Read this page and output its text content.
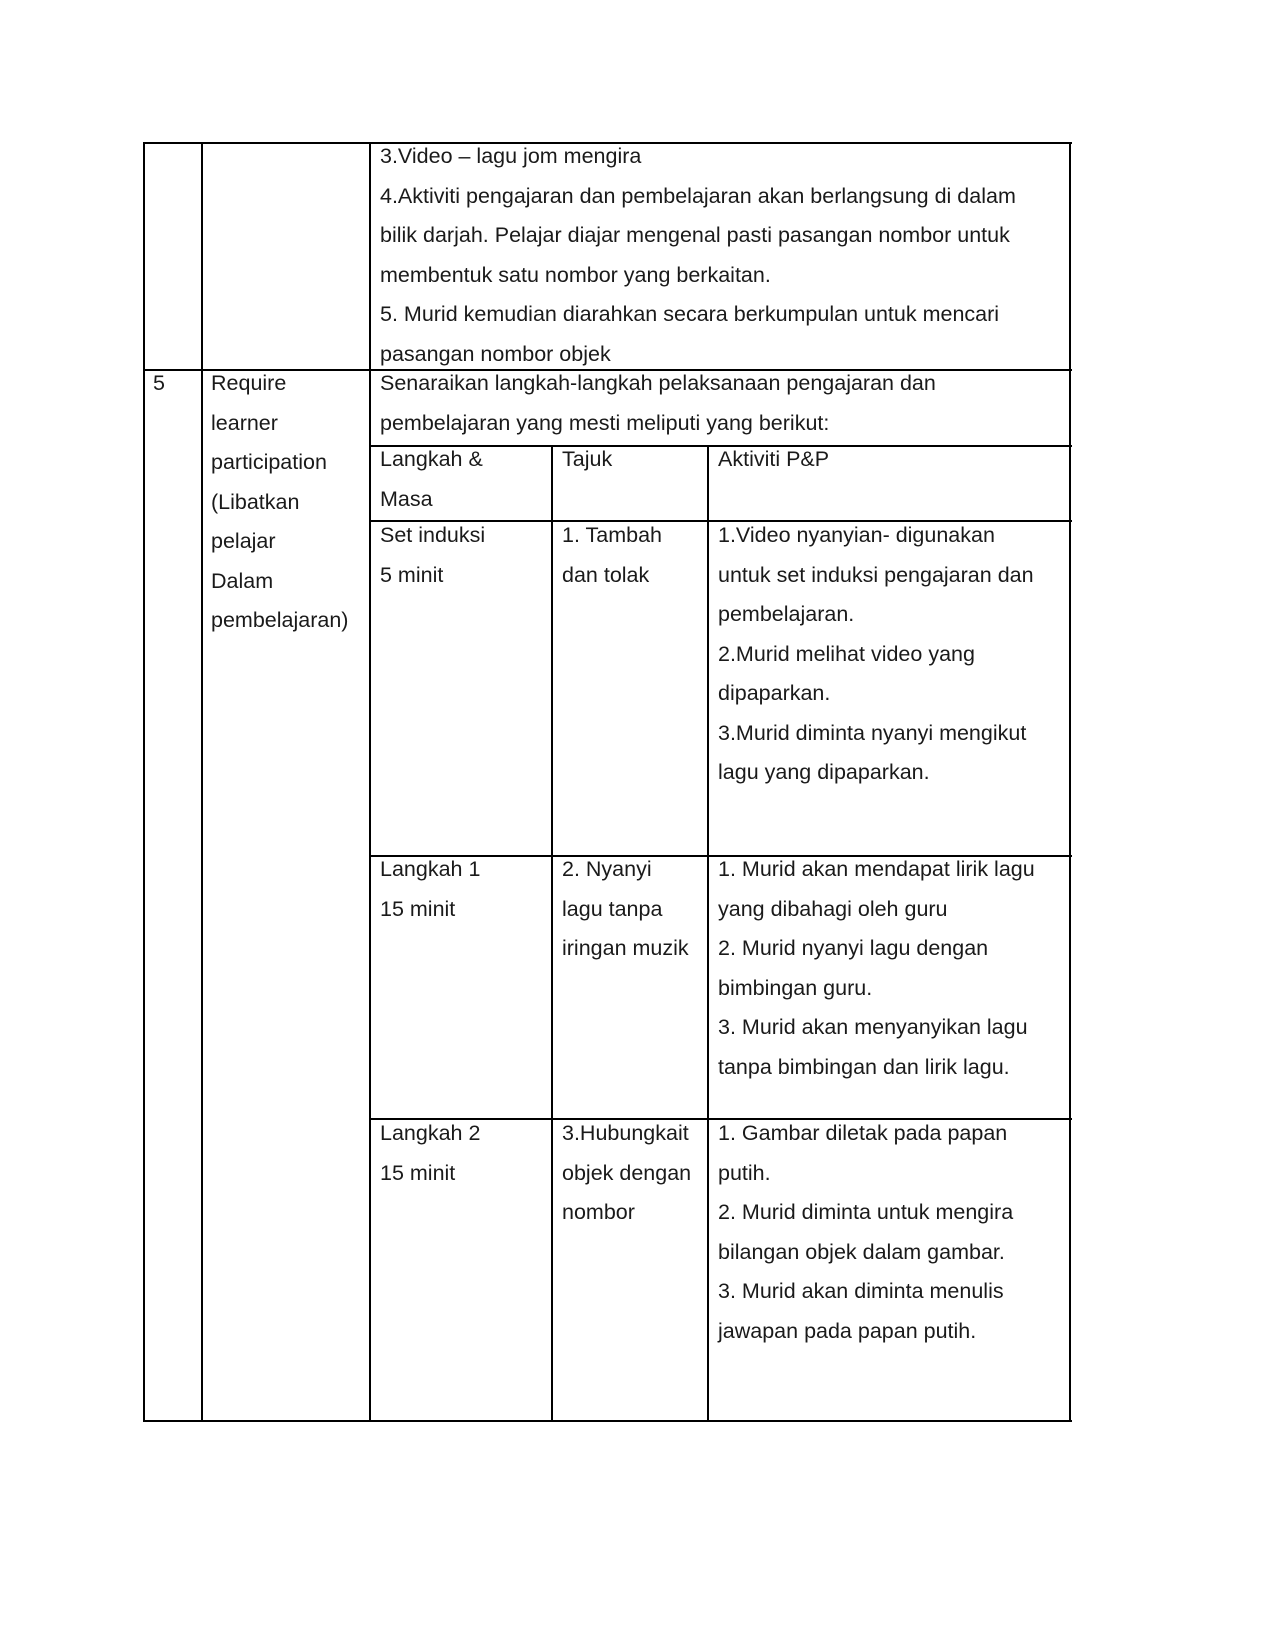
3.Video – lagu jom mengira
4.Aktiviti pengajaran dan pembelajaran akan berlangsung di dalam
bilik darjah. Pelajar diajar mengenal pasti pasangan nombor untuk
membentuk satu nombor yang berkaitan.
5. Murid kemudian diarahkan secara berkumpulan untuk mencari
pasangan nombor objek
5 Require
learner
participation
(Libatkan
pelajar
Dalam
pembelajaran)
Senaraikan langkah-langkah pelaksanaan pengajaran dan
pembelajaran yang mesti meliputi yang berikut:
Langkah &
Masa
Tajuk	Aktiviti P&P
Set induksi
5 minit
1. Tambah
dan tolak
1.Video nyanyian- digunakan
untuk set induksi pengajaran dan
pembelajaran.
2.Murid melihat video yang
dipaparkan.
3.Murid diminta nyanyi mengikut
lagu yang dipaparkan.
Langkah 1
15 minit
2. Nyanyi
lagu tanpa
iringan muzik
1. Murid akan mendapat lirik lagu
yang dibahagi oleh guru
2. Murid nyanyi lagu dengan
bimbingan guru.
3. Murid akan menyanyikan lagu
tanpa bimbingan dan lirik lagu.
Langkah 2
15 minit
3.Hubungkait
objek dengan
nombor
1. Gambar diletak pada papan
putih.
2. Murid diminta untuk mengira
bilangan objek dalam gambar.
3. Murid akan diminta menulis
jawapan pada papan putih.
